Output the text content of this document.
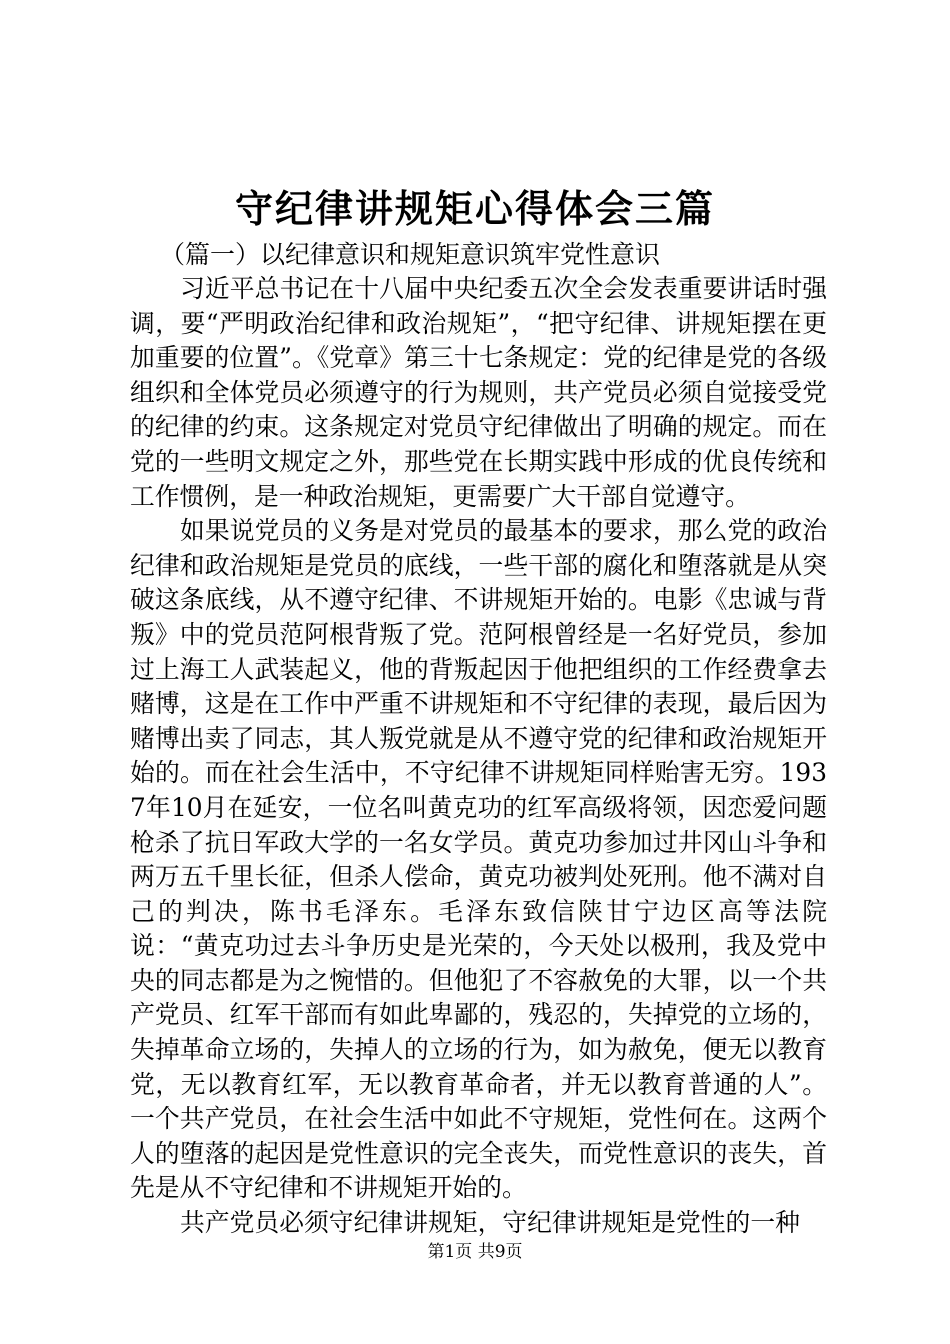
守纪律讲规矩心得体会三篇
（篇一）以纪律意识和规矩意识筑牢党性意识

习近平总书记在十八届中央纪委五次全会发表重要讲话时强调，要“严明政治纪律和政治规矩”，“把守纪律、讲规矩摆在更加重要的位置”。《党章》第三十七条规定：党的纪律是党的各级组织和全体党员必须遵守的行为规则，共产党员必须自觉接受党的纪律的约束。这条规定对党员守纪律做出了明确的规定。而在党的一些明文规定之外，那些党在长期实践中形成的优良传统和工作惯例，是一种政治规矩，更需要广大干部自觉遵守。

如果说党员的义务是对党员的最基本的要求，那么党的政治纪律和政治规矩是党员的底线，一些干部的腐化和堕落就是从突破这条底线，从不遵守纪律、不讲规矩开始的。电影《忠诚与背叛》中的党员范阿根背叛了党。范阿根曾经是一名好党员，参加过上海工人武装起义，他的背叛起因于他把组织的工作经费拿去赌博，这是在工作中严重不讲规矩和不守纪律的表现，最后因为赌博出卖了同志，其人叛党就是从不遵守党的纪律和政治规矩开始的。而在社会生活中，不守纪律不讲规矩同样贻害无穷。1937年10月在延安，一位名叫黄克功的红军高级将领，因恋爱问题枪杀了抗日军政大学的一名女学员。黄克功参加过井冈山斗争和两万五千里长征，但杀人偿命，黄克功被判处死刑。他不满对自己的判决，陈书毛泽东。毛泽东致信陕甘宁边区高等法院说：“黄克功过去斗争历史是光荣的，今天处以极刑，我及党中央的同志都是为之惋惜的。但他犯了不容赦免的大罪，以一个共产党员、红军干部而有如此卑鄙的，残忍的，失掉党的立场的，失掉革命立场的，失掉人的立场的行为，如为赦免，便无以教育党，无以教育红军，无以教育革命者，并无以教育普通的人”。一个共产党员，在社会生活中如此不守规矩，党性何在。这两个人的堕落的起因是党性意识的完全丧失，而党性意识的丧失，首先是从不守纪律和不讲规矩开始的。

共产党员必须守纪律讲规矩，守纪律讲规矩是党性的一种

第1页 共9页
